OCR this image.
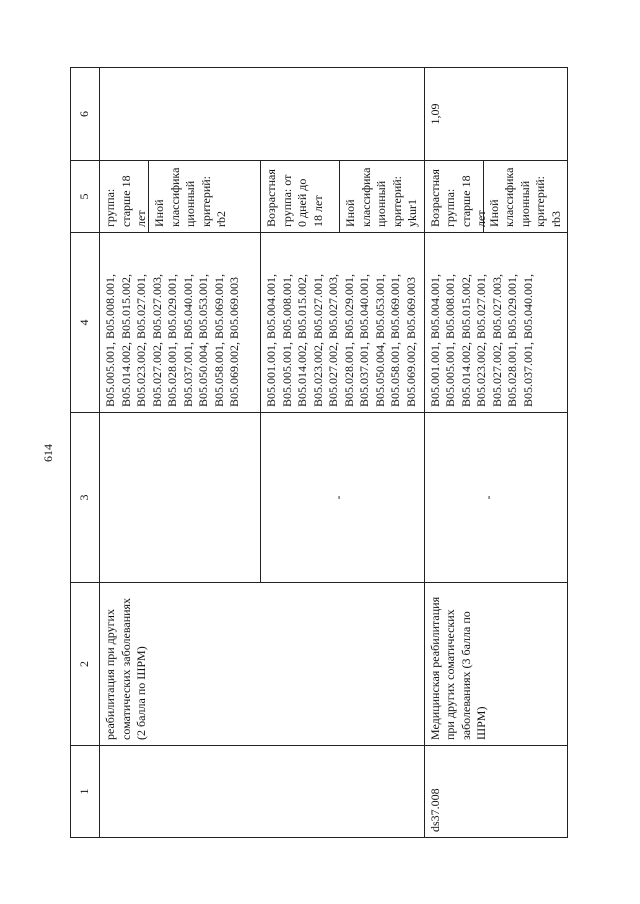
614
1	2	3	4	5	6
	реабилитация при других соматических заболеваниях (2 балла по ШРМ)		B05.005.001, B05.008.001, B05.014.002, B05.015.002, B05.023.002, B05.027.001, B05.027.002, B05.027.003, B05.028.001, B05.029.001, B05.037.001, B05.040.001, B05.050.004, B05.053.001, B05.058.001, B05.069.001, B05.069.002, B05.069.003	группа: старше 18 лет Иной классификационный критерий: rb2	

		-	B05.001.001, B05.004.001, B05.005.001, B05.008.001, B05.014.002, B05.015.002, B05.023.002, B05.027.001, B05.027.002, B05.027.003, B05.028.001, B05.029.001, B05.037.001, B05.040.001, B05.050.004, B05.053.001, B05.058.001, B05.069.001, B05.069.002, B05.069.003	Возрастная группа: от 0 дней до 18 лет Иной классификационный критерий: ykur1	

ds37.008	Медицинская реабилитация при других соматических заболеваниях (3 балла по ШРМ)	-	B05.001.001, B05.004.001, B05.005.001, B05.008.001, B05.014.002, B05.015.002, B05.023.002, B05.027.001, B05.027.002, B05.027.003, B05.028.001, B05.029.001, B05.037.001, B05.040.001,	Возрастная группа: старше 18 лет
Иной классификационный критерий: rb3	1,09
